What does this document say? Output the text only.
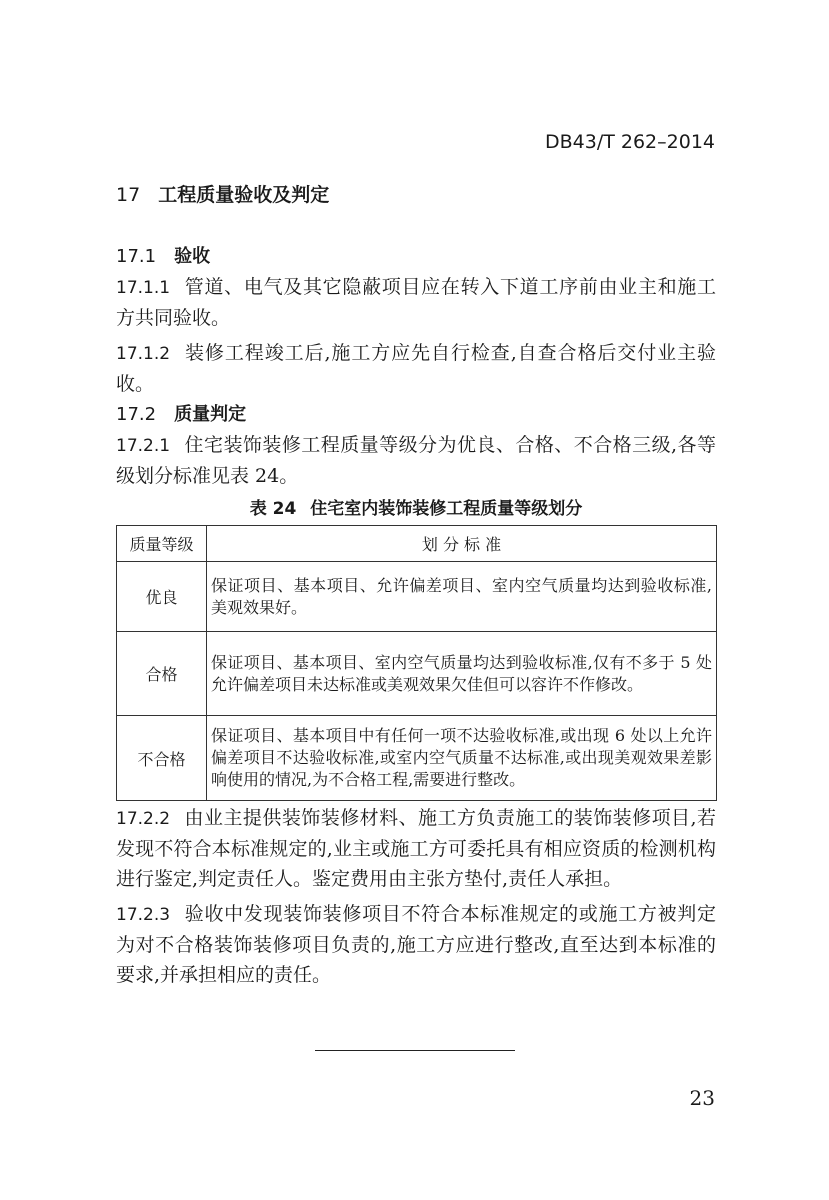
DB43/T 262–2014
17 工程质量验收及判定
17.1 验收
17.1.1 管道、电气及其它隐蔽项目应在转入下道工序前由业主和施工方共同验收。
17.1.2 装修工程竣工后,施工方应先自行检查,自查合格后交付业主验收。
17.2 质量判定
17.2.1 住宅装饰装修工程质量等级分为优良、合格、不合格三级,各等级划分标准见表 24。
表 24 住宅室内装饰装修工程质量等级划分
质量等级	划 分 标 准
优良	保证项目、基本项目、允许偏差项目、室内空气质量均达到验收标准,美观效果好。
合格	保证项目、基本项目、室内空气质量均达到验收标准,仅有不多于 5 处允许偏差项目未达标准或美观效果欠佳但可以容许不作修改。
不合格	保证项目、基本项目中有任何一项不达验收标准,或出现 6 处以上允许偏差项目不达验收标准,或室内空气质量不达标准,或出现美观效果差影响使用的情况,为不合格工程,需要进行整改。
17.2.2 由业主提供装饰装修材料、施工方负责施工的装饰装修项目,若发现不符合本标准规定的,业主或施工方可委托具有相应资质的检测机构进行鉴定,判定责任人。鉴定费用由主张方垫付,责任人承担。
17.2.3 验收中发现装饰装修项目不符合本标准规定的或施工方被判定为对不合格装饰装修项目负责的,施工方应进行整改,直至达到本标准的要求,并承担相应的责任。
23
